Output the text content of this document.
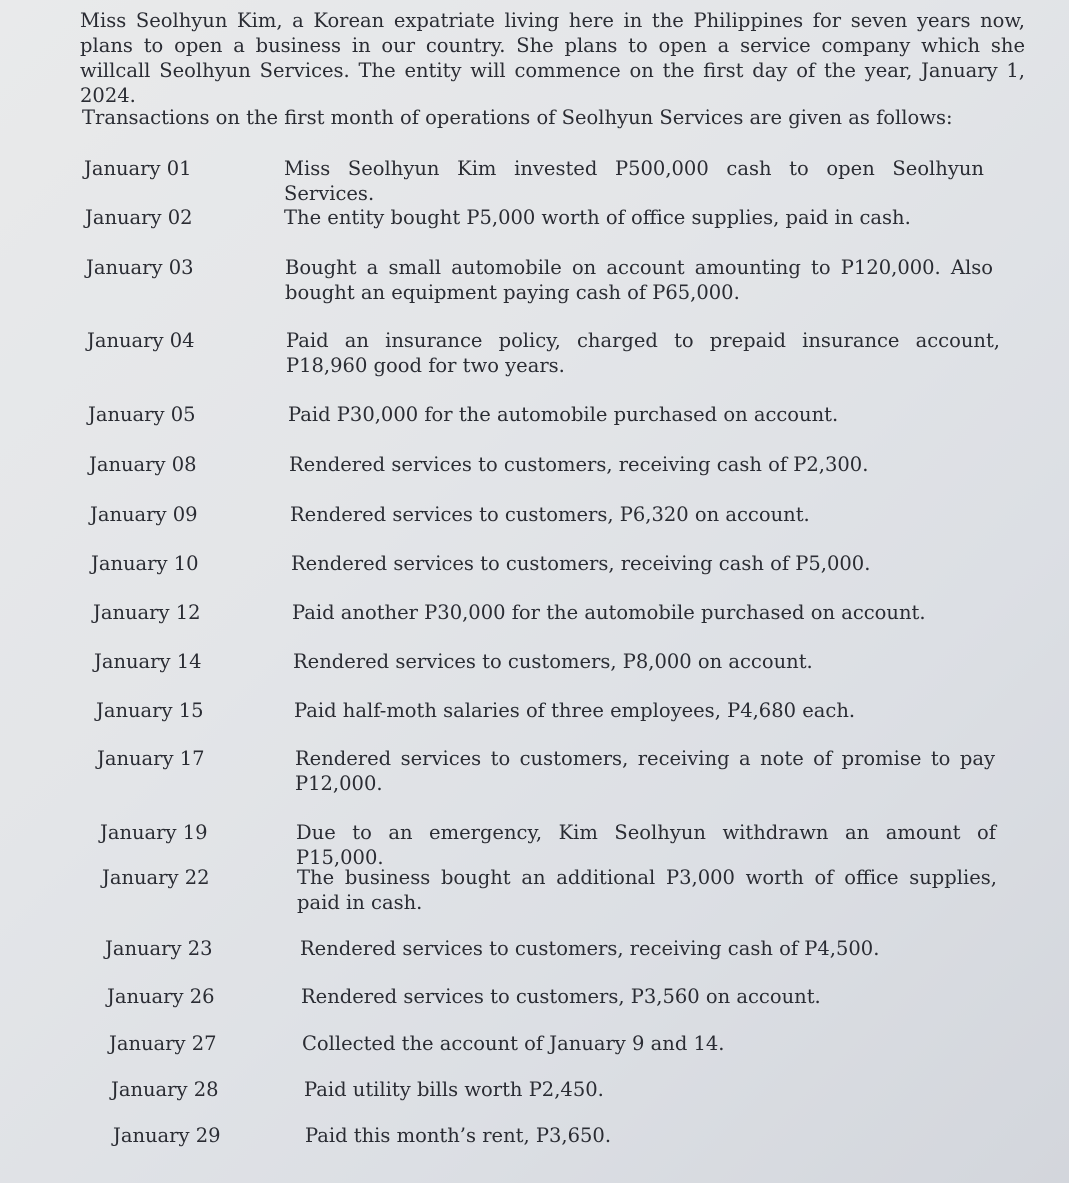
Miss Seolhyun Kim, a Korean expatriate living here in the Philippines for seven years now, plans to open a business in our country. She plans to open a service company which she willcall Seolhyun Services. The entity will commence on the first day of the year, January 1, 2024.

Transactions on the first month of operations of Seolhyun Services are given as follows:
January 01	Miss Seolhyun Kim invested P500,000 cash to open Seolhyun Services.
January 02	The entity bought P5,000 worth of office supplies, paid in cash.
January 03	Bought a small automobile on account amounting to P120,000. Also bought an equipment paying cash of P65,000.
January 04	Paid an insurance policy, charged to prepaid insurance account, P18,960 good for two years.
January 05	Paid P30,000 for the automobile purchased on account.
January 08	Rendered services to customers, receiving cash of P2,300.
January 09	Rendered services to customers, P6,320 on account.
January 10	Rendered services to customers, receiving cash of P5,000.
January 12	Paid another P30,000 for the automobile purchased on account.
January 14	Rendered services to customers, P8,000 on account.
January 15	Paid half-moth salaries of three employees, P4,680 each.
January 17	Rendered services to customers, receiving a note of promise to pay P12,000.
January 19	Due to an emergency, Kim Seolhyun withdrawn an amount of P15,000.
January 22	The business bought an additional P3,000 worth of office supplies, paid in cash.
January 23	Rendered services to customers, receiving cash of P4,500.
January 26	Rendered services to customers, P3,560 on account.
January 27	Collected the account of January 9 and 14.
January 28	Paid utility bills worth P2,450.
January 29	Paid this month’s rent, P3,650.
